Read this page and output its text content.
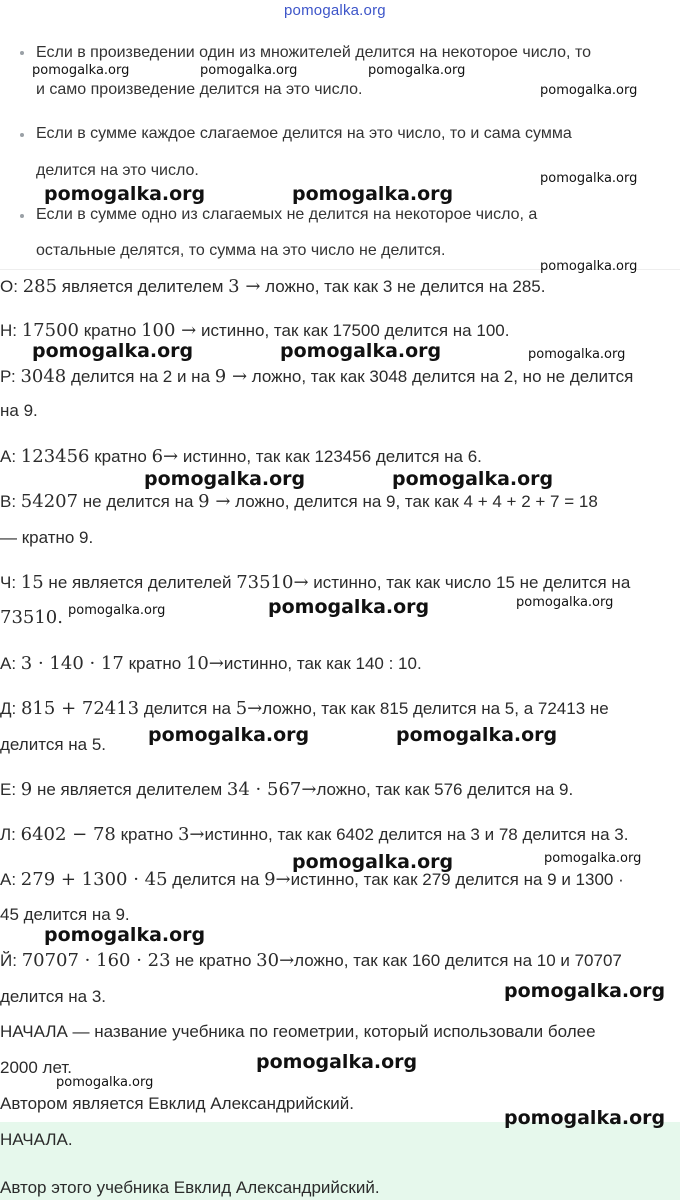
pomogalka.org
Если в произведении один из множителей делится на некоторое число, то
и само произведение делится на это число.
Если в сумме каждое слагаемое делится на это число, то и сама сумма
делится на это число.
Если в сумме одно из слагаемых не делится на некоторое число, а
остальные делятся, то сумма на это число не делится.
О: 285 является делителем 3 → ложно, так как 3 не делится на 285.
Н: 17500 кратно 100 → истинно, так как 17500 делится на 100.
Р: 3048 делится на 2 и на 9 → ложно, так как 3048 делится на 2, но не делится
на 9.
А: 123456 кратно 6→ истинно, так как 123456 делится на 6.
В: 54207 не делится на 9 → ложно, делится на 9, так как 4 + 4 + 2 + 7 = 18
— кратно 9.
Ч: 15 не является делителей 73510→ истинно, так как число 15 не делится на
73510.
А: 3 · 140 · 17 кратно 10→истинно, так как 140 : 10.
Д: 815 + 72413 делится на 5→ложно, так как 815 делится на 5, а 72413 не
делится на 5.
Е: 9 не является делителем 34 · 567→ложно, так как 576 делится на 9.
Л: 6402 − 78 кратно 3→истинно, так как 6402 делится на 3 и 78 делится на 3.
А: 279 + 1300 · 45 делится на 9→истинно, так как 279 делится на 9 и 1300 ·
45 делится на 9.
Й: 70707 · 160 · 23 не кратно 30→ложно, так как 160 делится на 10 и 70707
делится на 3.
НАЧАЛА — название учебника по геометрии, который использовали более
2000 лет.
Автором является Евклид Александрийский.
НАЧАЛА.
Автор этого учебника Евклид Александрийский.
pomogalka.org	pomogalka.org	pomogalka.org
pomogalka.org
pomogalka.org	pomogalka.org
pomogalka.org
pomogalka.org
pomogalka.org	pomogalka.org	pomogalka.org
pomogalka.org	pomogalka.org
pomogalka.org	pomogalka.org	pomogalka.org
pomogalka.org	pomogalka.org
pomogalka.org	pomogalka.org
pomogalka.org
pomogalka.org
pomogalka.org
pomogalka.org
pomogalka.org
